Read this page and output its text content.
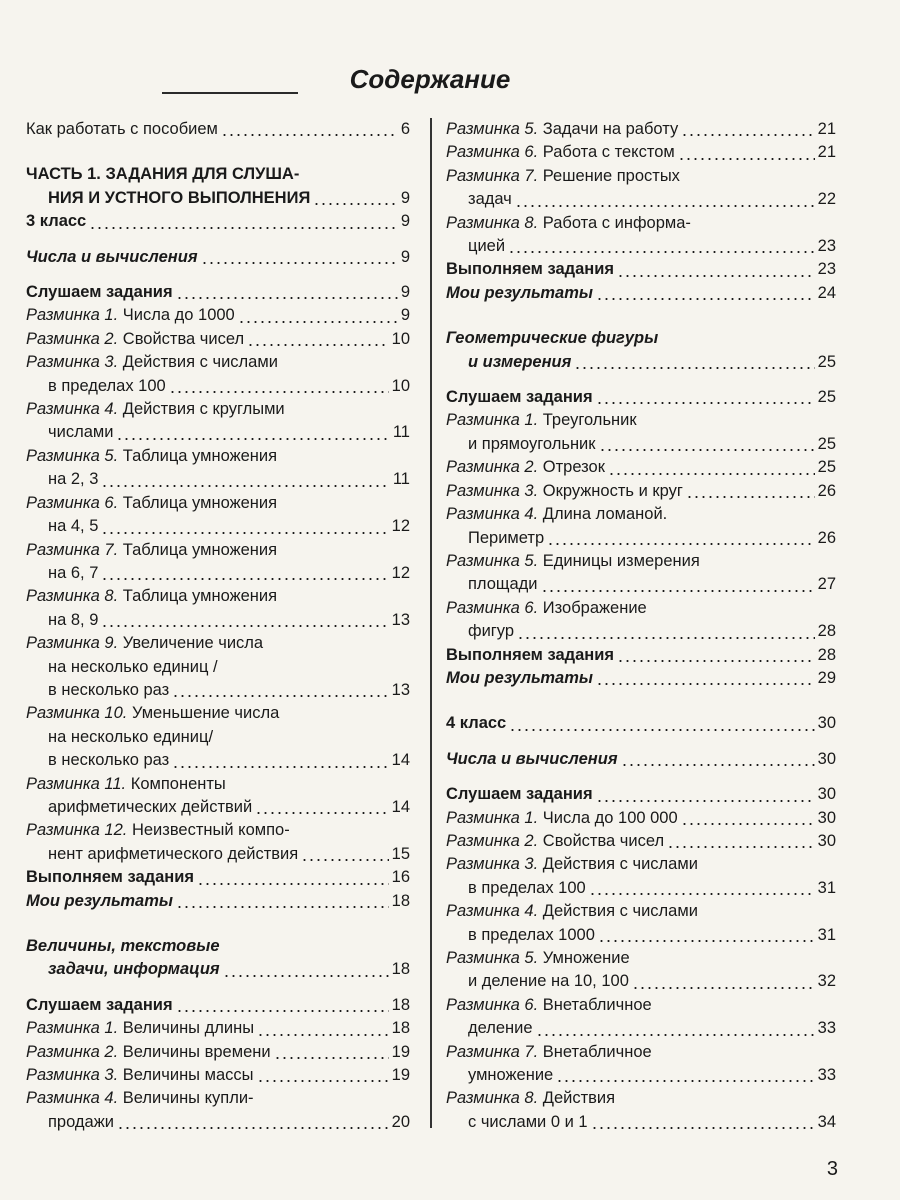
Содержание
Как работать с пособием	6
ЧАСТЬ 1. ЗАДАНИЯ ДЛЯ СЛУША-
НИЯ И УСТНОГО ВЫПОЛНЕНИЯ	9
3 класс	9
Числа и вычисления	9
Слушаем задания	9
Разминка 1. Числа до 1000	9
Разминка 2. Свойства чисел	10
Разминка 3. Действия с числами
в пределах 100	10
Разминка 4. Действия с круглыми
числами	11
Разминка 5. Таблица умножения
на 2, 3	11
Разминка 6. Таблица умножения
на 4, 5	12
Разминка 7. Таблица умножения
на 6, 7	12
Разминка 8. Таблица умножения
на 8, 9	13
Разминка 9. Увеличение числа
на несколько единиц /
в несколько раз	13
Разминка 10. Уменьшение числа
на несколько единиц/
в несколько раз	14
Разминка 11. Компоненты
арифметических действий	14
Разминка 12. Неизвестный компо-
нент арифметического действия	15
Выполняем задания	16
Мои результаты	18
Величины, текстовые
задачи, информация	18
Слушаем задания	18
Разминка 1. Величины длины	18
Разминка 2. Величины времени	19
Разминка 3. Величины массы	19
Разминка 4. Величины купли-
продажи	20
Разминка 5. Задачи на работу	21
Разминка 6. Работа с текстом	21
Разминка 7. Решение простых
задач	22
Разминка 8. Работа с информа-
цией	23
Выполняем задания	23
Мои результаты	24
Геометрические фигуры
и измерения	25
Слушаем задания	25
Разминка 1. Треугольник
и прямоугольник	25
Разминка 2. Отрезок	25
Разминка 3. Окружность и круг	26
Разминка 4. Длина ломаной.
Периметр	26
Разминка 5. Единицы измерения
площади	27
Разминка 6. Изображение
фигур	28
Выполняем задания	28
Мои результаты	29
4 класс	30
Числа и вычисления	30
Слушаем задания	30
Разминка 1. Числа до 100 000	30
Разминка 2. Свойства чисел	30
Разминка 3. Действия с числами
в пределах 100	31
Разминка 4. Действия с числами
в пределах 1000	31
Разминка 5. Умножение
и деление на 10, 100	32
Разминка 6. Внетабличное
деление	33
Разминка 7. Внетабличное
умножение	33
Разминка 8. Действия
с числами 0 и 1	34
3
